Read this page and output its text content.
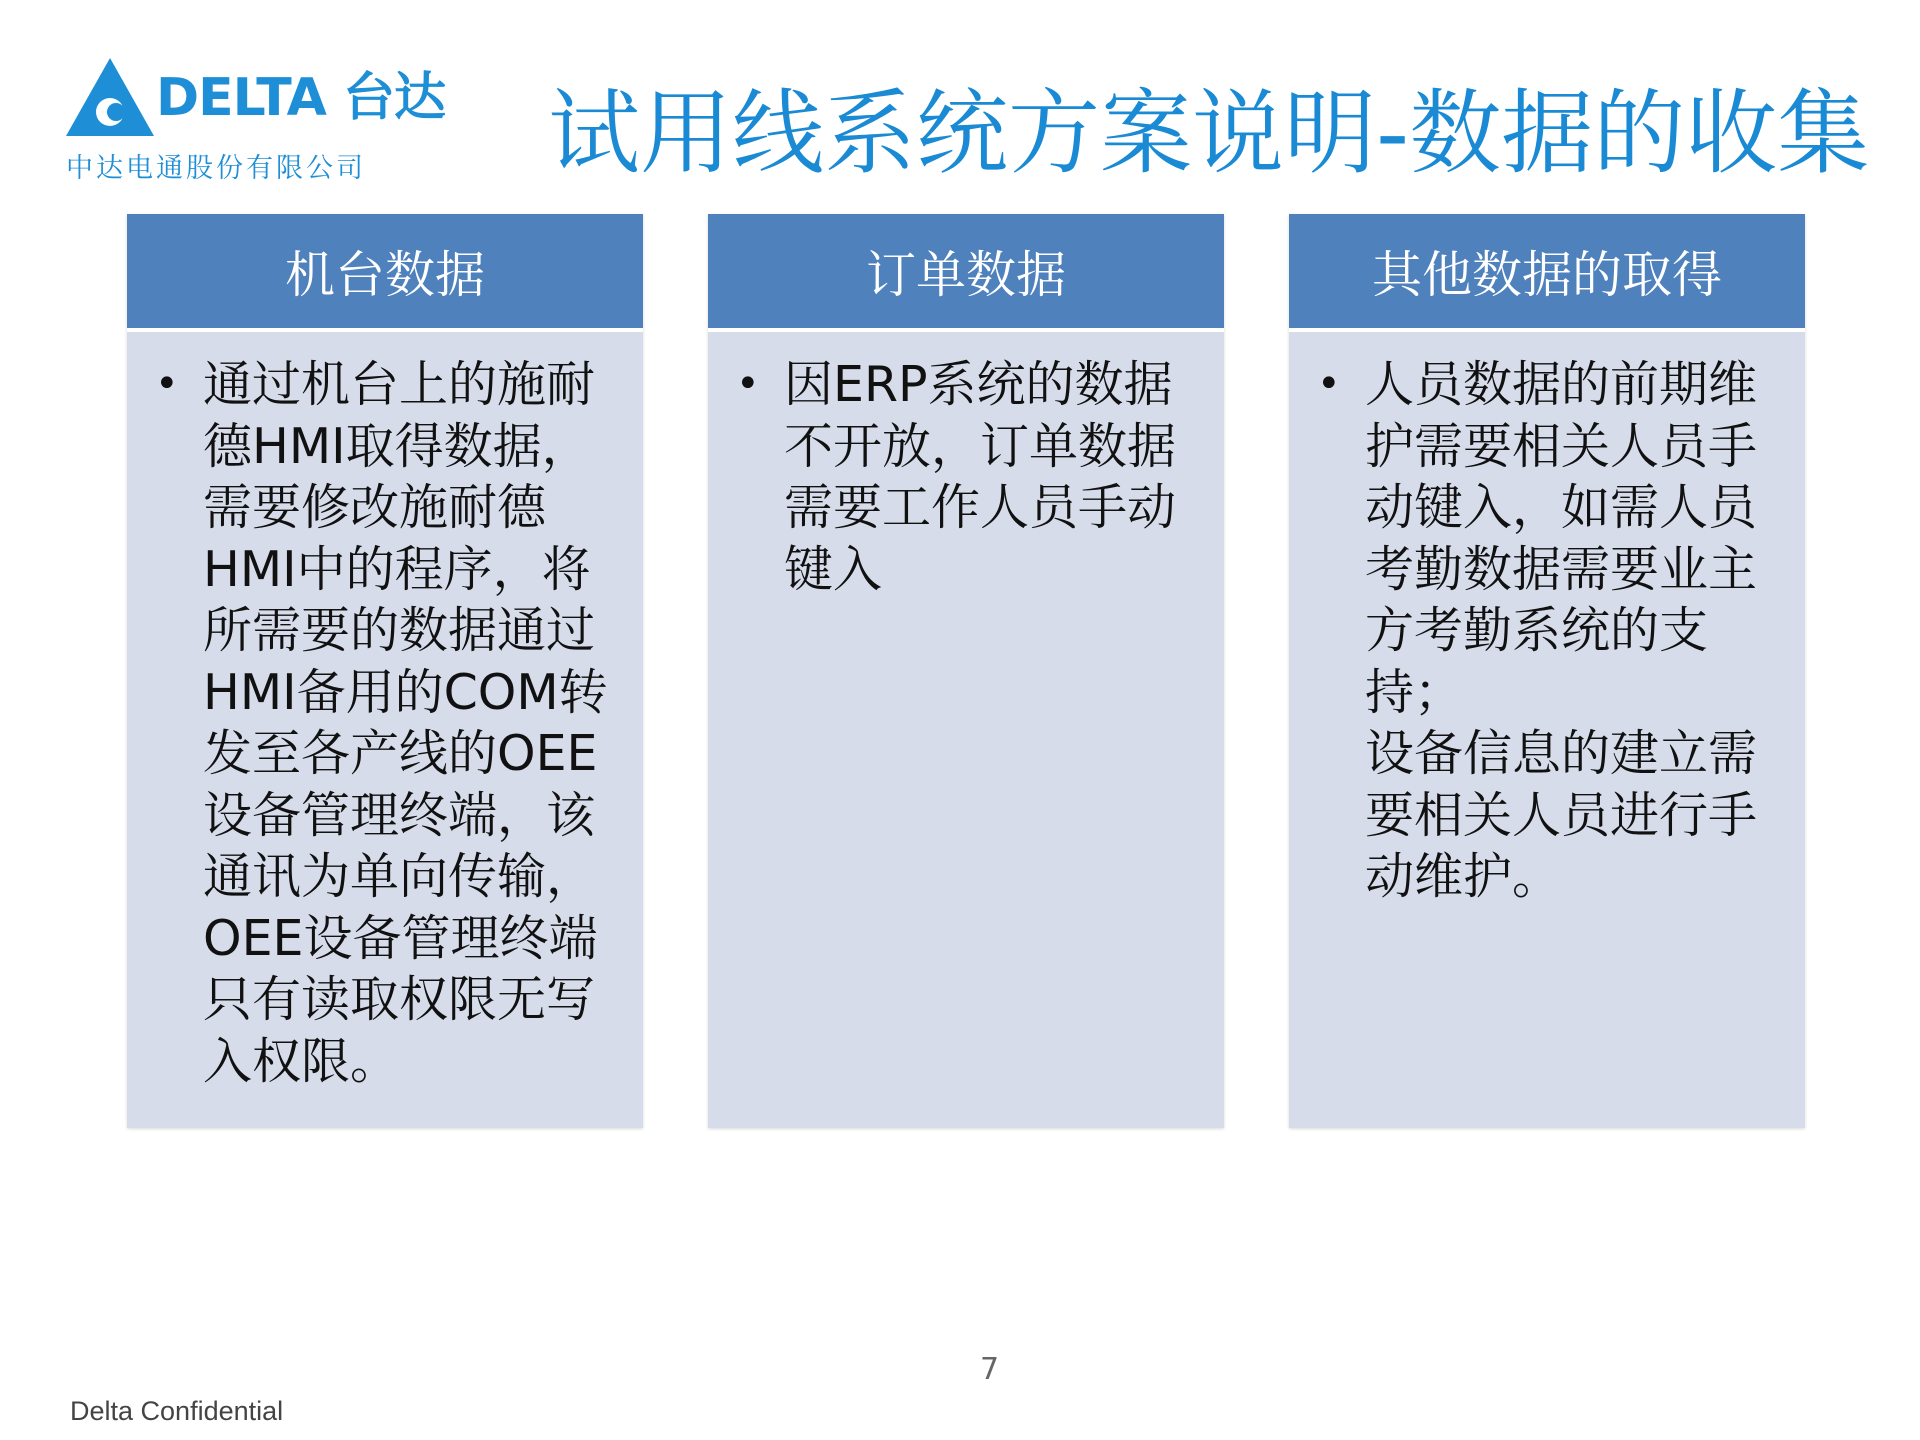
DELTA 台达
中达电通股份有限公司 试用线系统方案说明-数据的收集
机台数据
• 通过机台上的施耐
德HMI取得数据，
需要修改施耐德
HMI中的程序，将
所需要的数据通过
HMI备用的COM转
发至各产线的OEE
设备管理终端，该
通讯为单向传输，
OEE设备管理终端
只有读取权限无写
入权限。
订单数据
• 因ERP系统的数据
不开放，订单数据
需要工作人员手动
键入
其他数据的取得
• 人员数据的前期维
护需要相关人员手
动键入，如需人员
考勤数据需要业主
方考勤系统的支持；
设备信息的建立需
要相关人员进行手
动维护。
7
Delta Confidential
